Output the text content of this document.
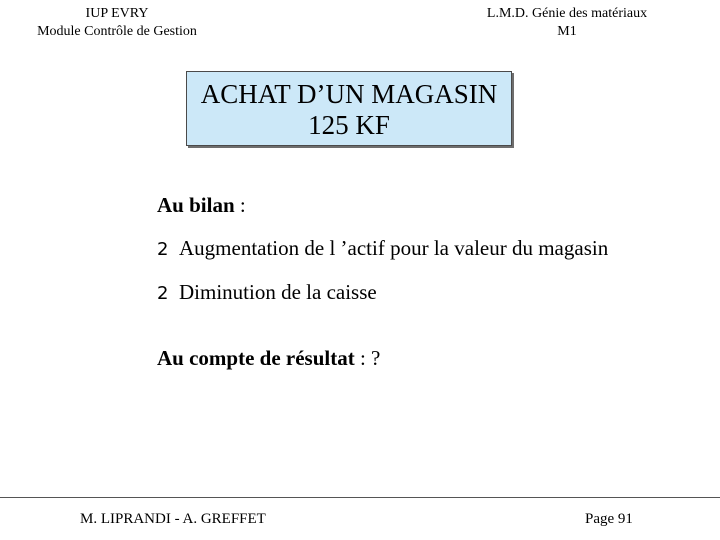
IUP EVRY
Module Contrôle de Gestion
L.M.D. Génie des matériaux
M1
ACHAT D’UN MAGASIN
125 KF
Au bilan :
2 Augmentation de l ’actif pour la valeur du magasin
2 Diminution de la caisse
Au compte de résultat : ?
M. LIPRANDI - A. GREFFET	Page 91
